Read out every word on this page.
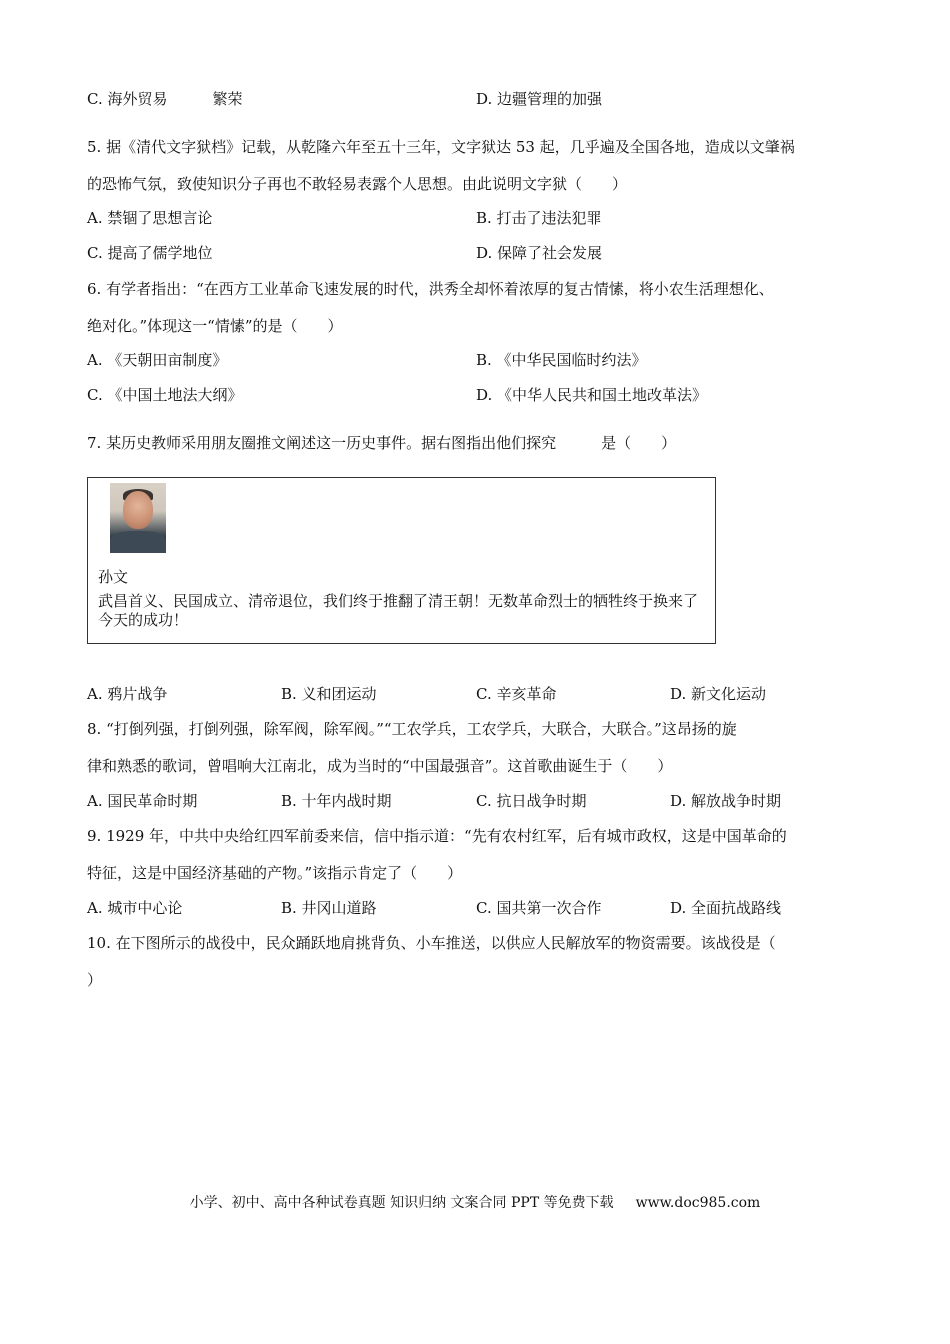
C. 海外贸易　　　繁荣	D. 边疆管理的加强
5. 据《清代文字狱档》记载，从乾隆六年至五十三年，文字狱达 53 起，几乎遍及全国各地，造成以文肇祸
的恐怖气氛，致使知识分子再也不敢轻易表露个人思想。由此说明文字狱（　　）
A. 禁锢了思想言论	B. 打击了违法犯罪
C. 提高了儒学地位	D. 保障了社会发展
6. 有学者指出：“在西方工业革命飞速发展的时代，洪秀全却怀着浓厚的复古情愫，将小农生活理想化、
绝对化。”体现这一“情愫”的是（　　）
A. 《天朝田亩制度》	B. 《中华民国临时约法》
C. 《中国土地法大纲》	D. 《中华人民共和国土地改革法》
7. 某历史教师采用朋友圈推文阐述这一历史事件。据右图指出他们探究　　　是（　　）
孙文
武昌首义、民国成立、清帝退位，我们终于推翻了清王朝！无数革命烈士的牺牲终于换来了今天的成功！
A. 鸦片战争	B. 义和团运动	C. 辛亥革命	D. 新文化运动
8. “打倒列强，打倒列强，除军阀，除军阀。”“工农学兵，工农学兵，大联合，大联合。”这昂扬的旋
律和熟悉的歌词，曾唱响大江南北，成为当时的“中国最强音”。这首歌曲诞生于（　　）
A. 国民革命时期	B. 十年内战时期	C. 抗日战争时期	D. 解放战争时期
9. 1929 年，中共中央给红四军前委来信，信中指示道：“先有农村红军，后有城市政权，这是中国革命的
特征，这是中国经济基础的产物。”该指示肯定了（　　）
A. 城市中心论	B. 井冈山道路	C. 国共第一次合作	D. 全面抗战路线
10. 在下图所示的战役中，民众踊跃地肩挑背负、小车推送，以供应人民解放军的物资需要。该战役是（
）
小学、初中、高中各种试卷真题 知识归纳 文案合同 PPT 等免费下载 www.doc985.com
